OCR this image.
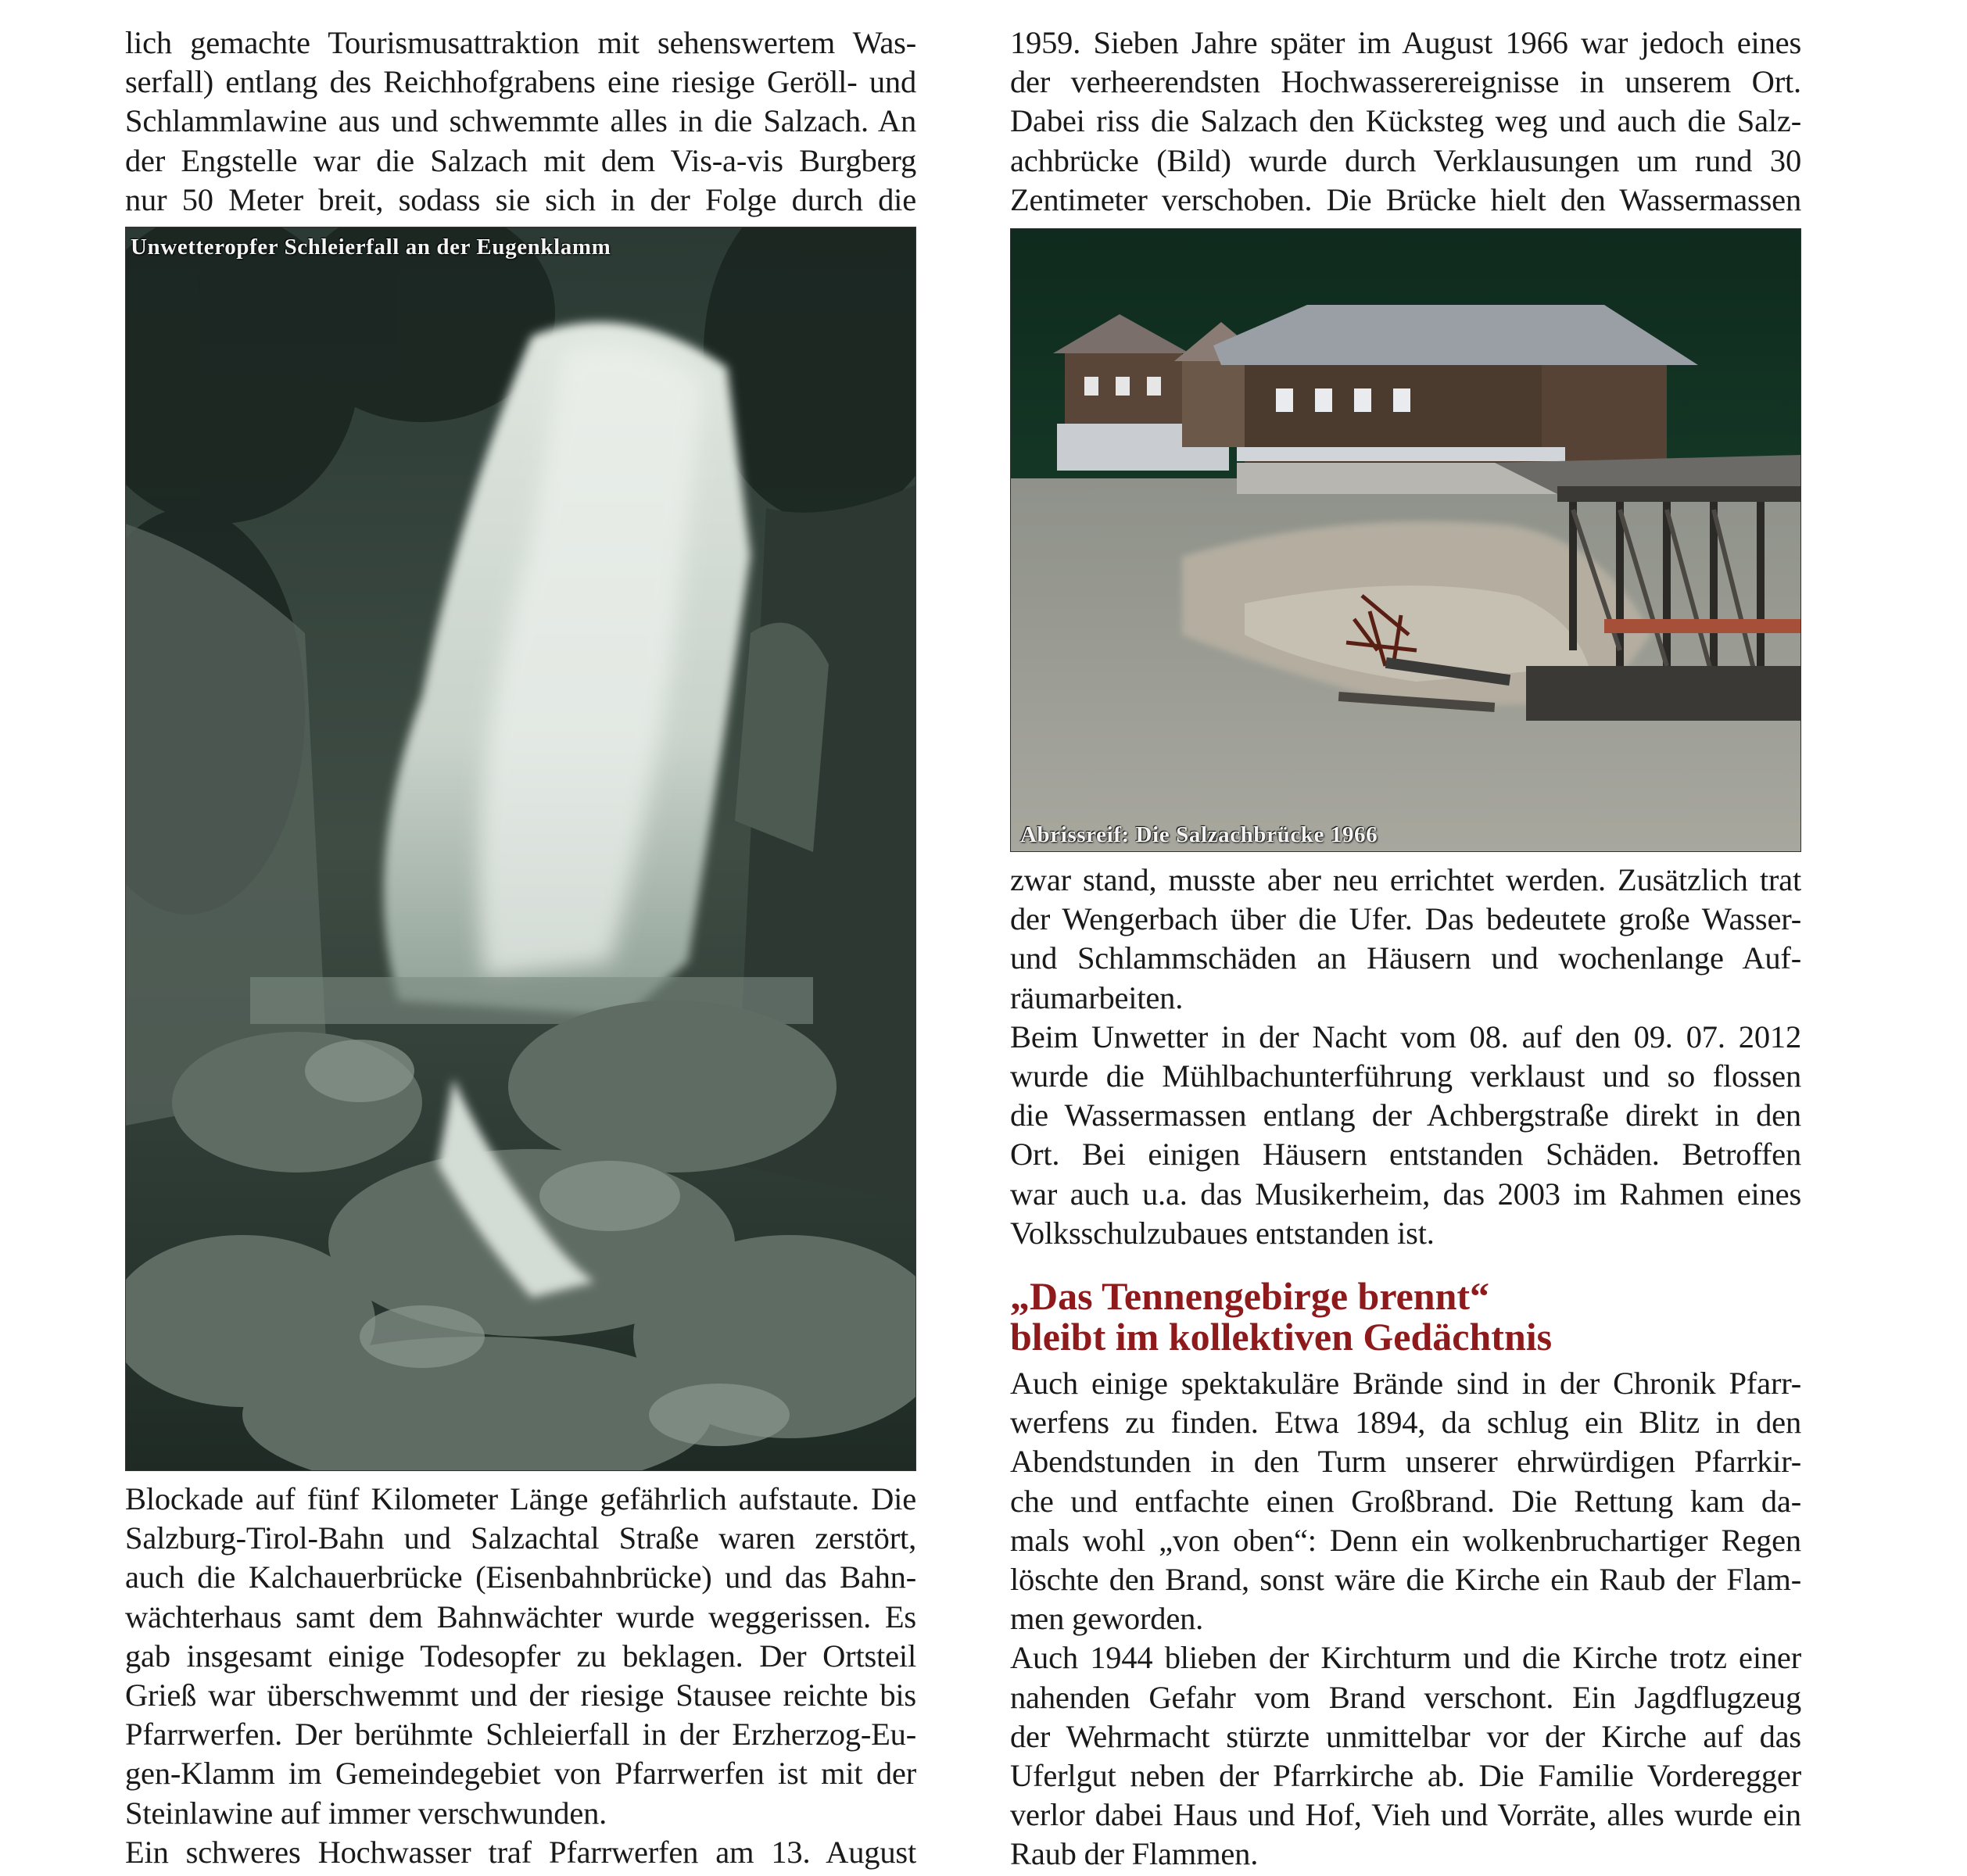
lich gemachte Tourismusattraktion mit sehenswertem Was-
serfall) entlang des Reichhofgrabens eine riesige Geröll- und
Schlammlawine aus und schwemmte alles in die Salzach. An
der Engstelle war die Salzach mit dem Vis-a-vis Burgberg
nur 50 Meter breit, sodass sie sich in der Folge durch die
Unwetteropfer Schleierfall an der Eugenklamm
Blockade auf fünf Kilometer Länge gefährlich aufstaute. Die
Salzburg-Tirol-Bahn und Salzachtal Straße waren zerstört,
auch die Kalchauerbrücke (Eisenbahnbrücke) und das Bahn-
wächterhaus samt dem Bahnwächter wurde weggerissen. Es
gab insgesamt einige Todesopfer zu beklagen. Der Ortsteil
Grieß war überschwemmt und der riesige Stausee reichte bis
Pfarrwerfen. Der berühmte Schleierfall in der Erzherzog-Eu-
gen-Klamm im Gemeindegebiet von Pfarrwerfen ist mit der
Steinlawine auf immer verschwunden.
Ein schweres Hochwasser traf Pfarrwerfen am 13. August
1959. Sieben Jahre später im August 1966 war jedoch eines
der verheerendsten Hochwasserereignisse in unserem Ort.
Dabei riss die Salzach den Kücksteg weg und auch die Salz-
achbrücke (Bild) wurde durch Verklausungen um rund 30
Zentimeter verschoben. Die Brücke hielt den Wassermassen
Abrissreif: Die Salzachbrücke 1966
zwar stand, musste aber neu errichtet werden. Zusätzlich trat
der Wengerbach über die Ufer. Das bedeutete große Wasser-
und Schlammschäden an Häusern und wochenlange Auf-
räumarbeiten.
Beim Unwetter in der Nacht vom 08. auf den 09. 07. 2012
wurde die Mühlbachunterführung verklaust und so flossen
die Wassermassen entlang der Achbergstraße direkt in den
Ort. Bei einigen Häusern entstanden Schäden. Betroffen
war auch u.a. das Musikerheim, das 2003 im Rahmen eines
Volksschulzubaues entstanden ist.
„Das Tennengebirge brennt“
bleibt im kollektiven Gedächtnis
Auch einige spektakuläre Brände sind in der Chronik Pfarr-
werfens zu finden. Etwa 1894, da schlug ein Blitz in den
Abendstunden in den Turm unserer ehrwürdigen Pfarrkir-
che und entfachte einen Großbrand. Die Rettung kam da-
mals wohl „von oben“: Denn ein wolkenbruchartiger Regen
löschte den Brand, sonst wäre die Kirche ein Raub der Flam-
men geworden.
Auch 1944 blieben der Kirchturm und die Kirche trotz einer
nahenden Gefahr vom Brand verschont. Ein Jagdflugzeug
der Wehrmacht stürzte unmittelbar vor der Kirche auf das
Uferlgut neben der Pfarrkirche ab. Die Familie Vorderegger
verlor dabei Haus und Hof, Vieh und Vorräte, alles wurde ein
Raub der Flammen.
